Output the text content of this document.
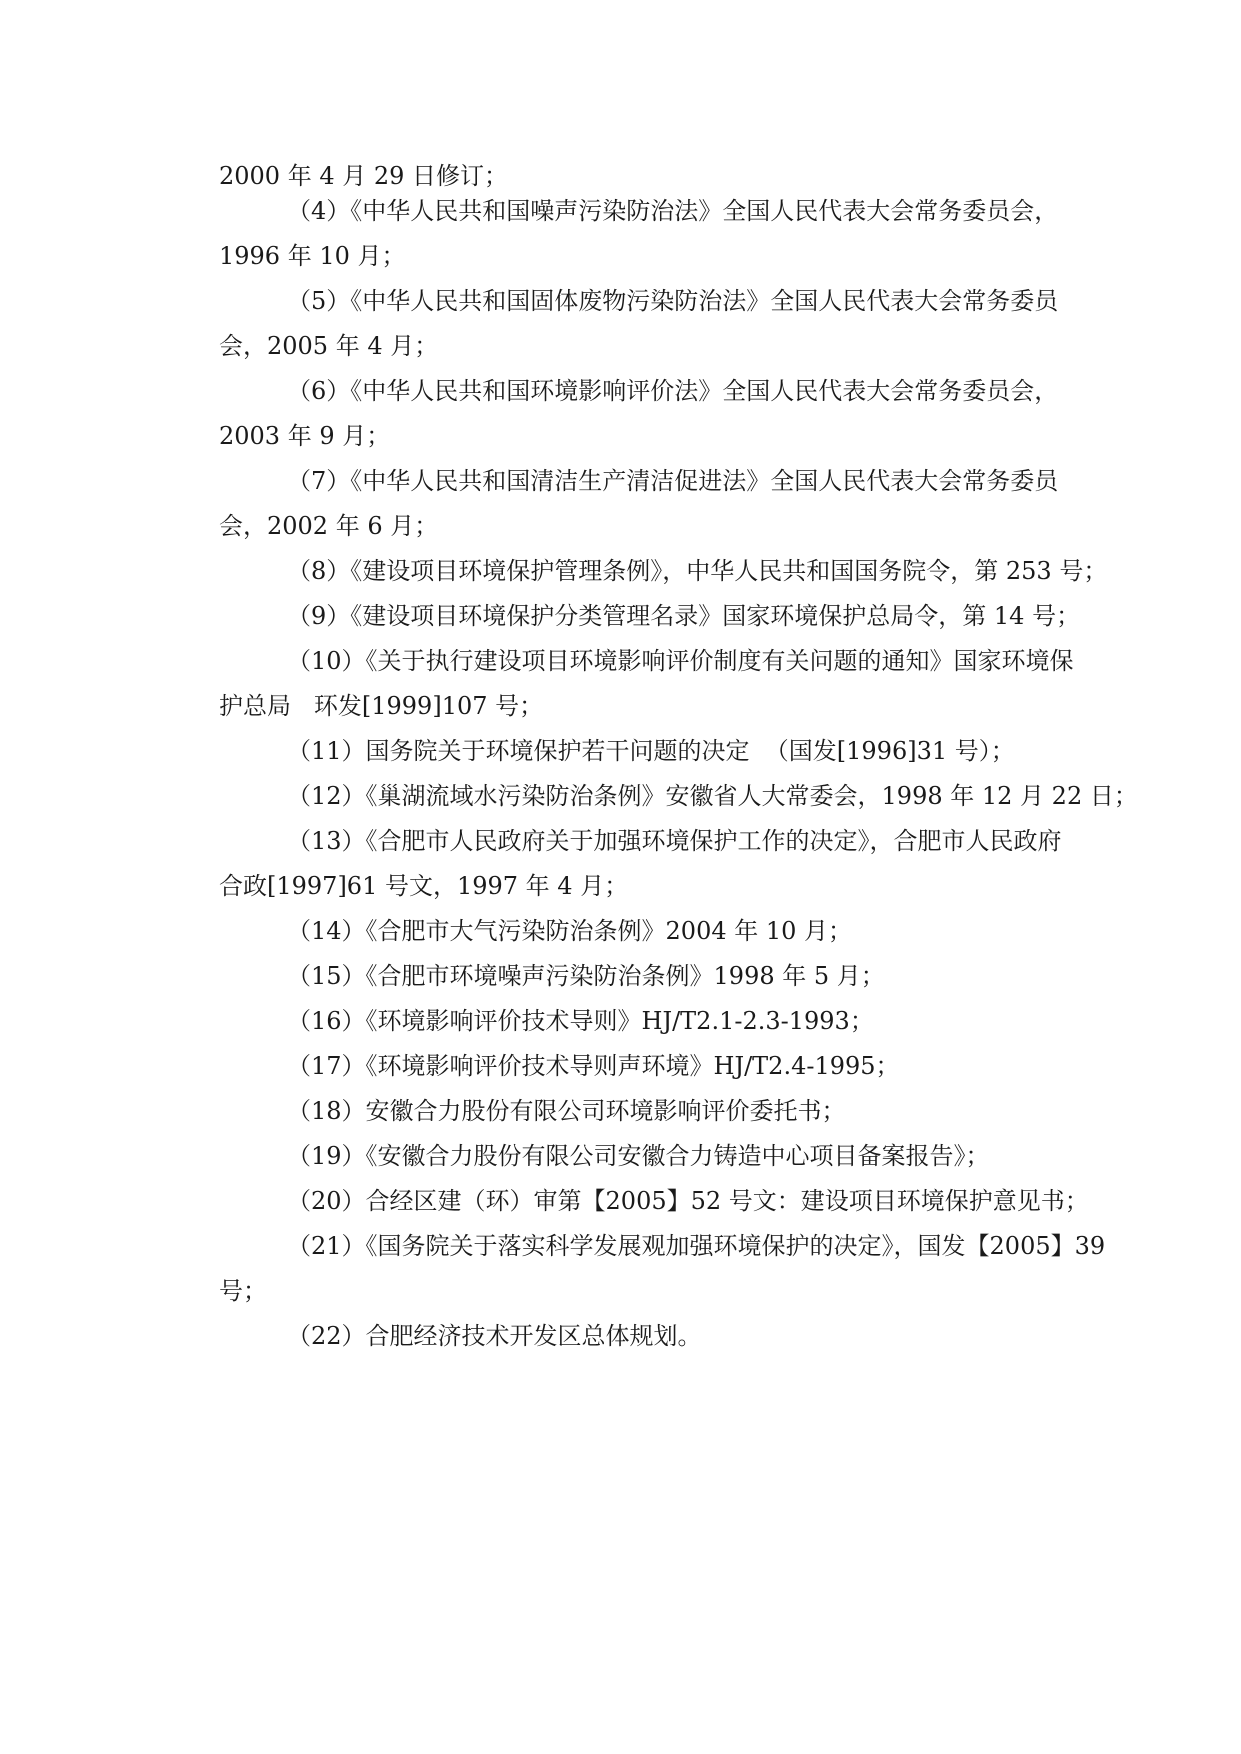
2000 年 4 月 29 日修订；
（4）《中华人民共和国噪声污染防治法》全国人民代表大会常务委员会，
1996 年 10 月；
（5）《中华人民共和国固体废物污染防治法》全国人民代表大会常务委员
会，2005 年 4 月；
（6）《中华人民共和国环境影响评价法》全国人民代表大会常务委员会，
2003 年 9 月；
（7）《中华人民共和国清洁生产清洁促进法》全国人民代表大会常务委员
会，2002 年 6 月；
（8）《建设项目环境保护管理条例》，中华人民共和国国务院令，第 253 号；
（9）《建设项目环境保护分类管理名录》国家环境保护总局令，第 14 号；
（10）《关于执行建设项目环境影响评价制度有关问题的通知》国家环境保
护总局   环发[1999]107 号；
（11）国务院关于环境保护若干问题的决定  （国发[1996]31 号）；
（12）《巢湖流域水污染防治条例》安徽省人大常委会，1998 年 12 月 22 日；
（13）《合肥市人民政府关于加强环境保护工作的决定》，合肥市人民政府
合政[1997]61 号文，1997 年 4 月；
（14）《合肥市大气污染防治条例》2004 年 10 月；
（15）《合肥市环境噪声污染防治条例》1998 年 5 月；
（16）《环境影响评价技术导则》HJ/T2.1-2.3-1993；
（17）《环境影响评价技术导则声环境》HJ/T2.4-1995；
（18）安徽合力股份有限公司环境影响评价委托书；
（19）《安徽合力股份有限公司安徽合力铸造中心项目备案报告》；
（20）合经区建（环）审第【2005】52 号文：建设项目环境保护意见书；
（21）《国务院关于落实科学发展观加强环境保护的决定》，国发【2005】39
号；
（22）合肥经济技术开发区总体规划。
